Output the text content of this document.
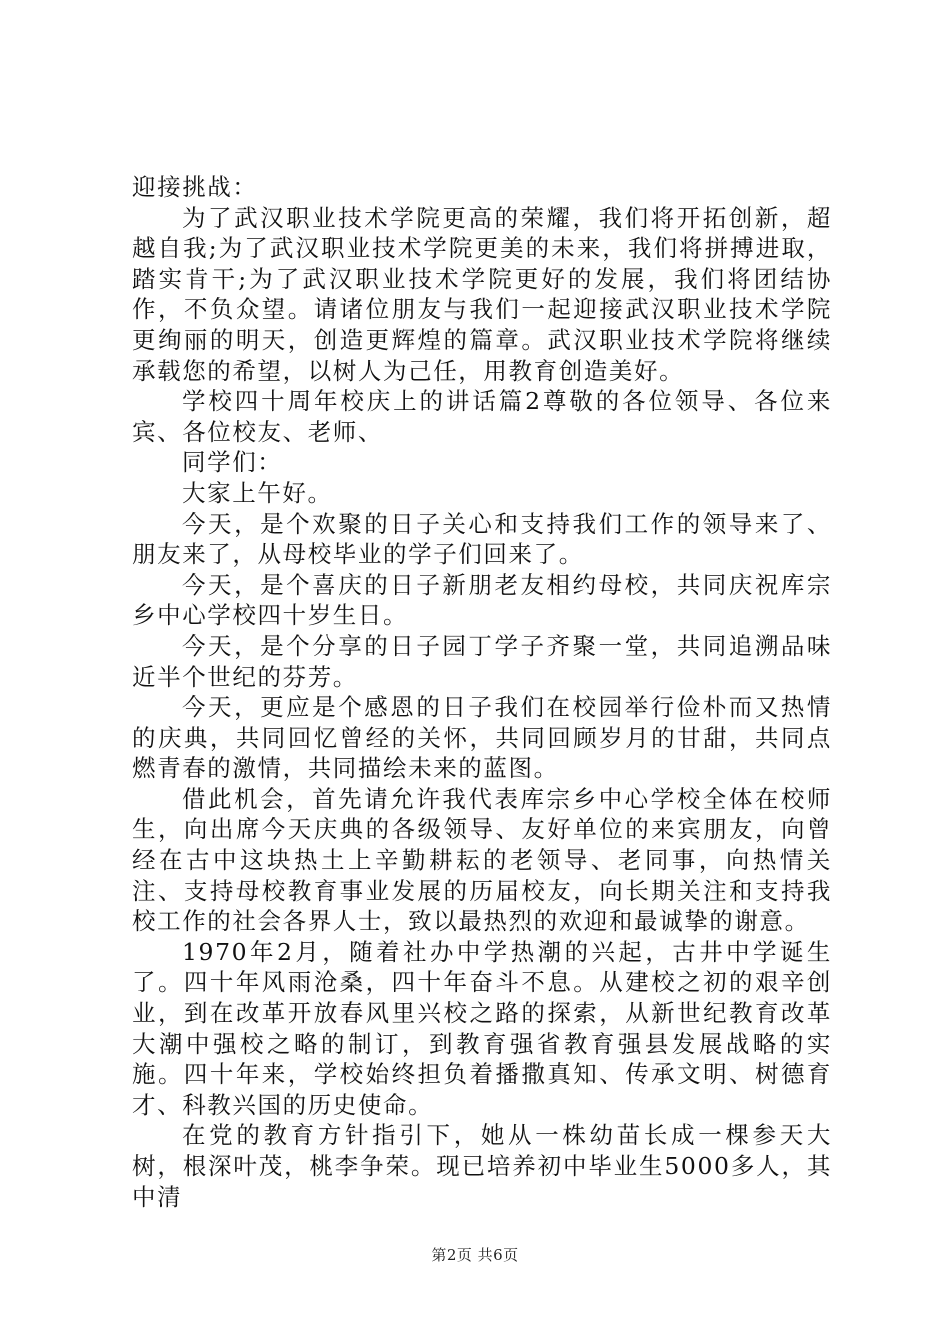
迎接挑战：

为了武汉职业技术学院更高的荣耀，我们将开拓创新，超越自我;为了武汉职业技术学院更美的未来，我们将拼搏进取，踏实肯干;为了武汉职业技术学院更好的发展，我们将团结协作，不负众望。请诸位朋友与我们一起迎接武汉职业技术学院更绚丽的明天，创造更辉煌的篇章。武汉职业技术学院将继续承载您的希望，以树人为己任，用教育创造美好。

学校四十周年校庆上的讲话篇2尊敬的各位领导、各位来宾、各位校友、老师、

同学们：

大家上午好。

今天，是个欢聚的日子关心和支持我们工作的领导来了、朋友来了，从母校毕业的学子们回来了。

今天，是个喜庆的日子新朋老友相约母校，共同庆祝库宗乡中心学校四十岁生日。

今天，是个分享的日子园丁学子齐聚一堂，共同追溯品味近半个世纪的芬芳。

今天，更应是个感恩的日子我们在校园举行俭朴而又热情的庆典，共同回忆曾经的关怀，共同回顾岁月的甘甜，共同点燃青春的激情，共同描绘未来的蓝图。

借此机会，首先请允许我代表库宗乡中心学校全体在校师生，向出席今天庆典的各级领导、友好单位的来宾朋友，向曾经在古中这块热土上辛勤耕耘的老领导、老同事，向热情关注、支持母校教育事业发展的历届校友，向长期关注和支持我校工作的社会各界人士，致以最热烈的欢迎和最诚挚的谢意。

1970年2月，随着社办中学热潮的兴起，古井中学诞生了。四十年风雨沧桑，四十年奋斗不息。从建校之初的艰辛创业，到在改革开放春风里兴校之路的探索，从新世纪教育改革大潮中强校之略的制订，到教育强省教育强县发展战略的实施。四十年来，学校始终担负着播撒真知、传承文明、树德育才、科教兴国的历史使命。

在党的教育方针指引下，她从一株幼苗长成一棵参天大树，根深叶茂，桃李争荣。现已培养初中毕业生5000多人，其中清

第2页 共6页
